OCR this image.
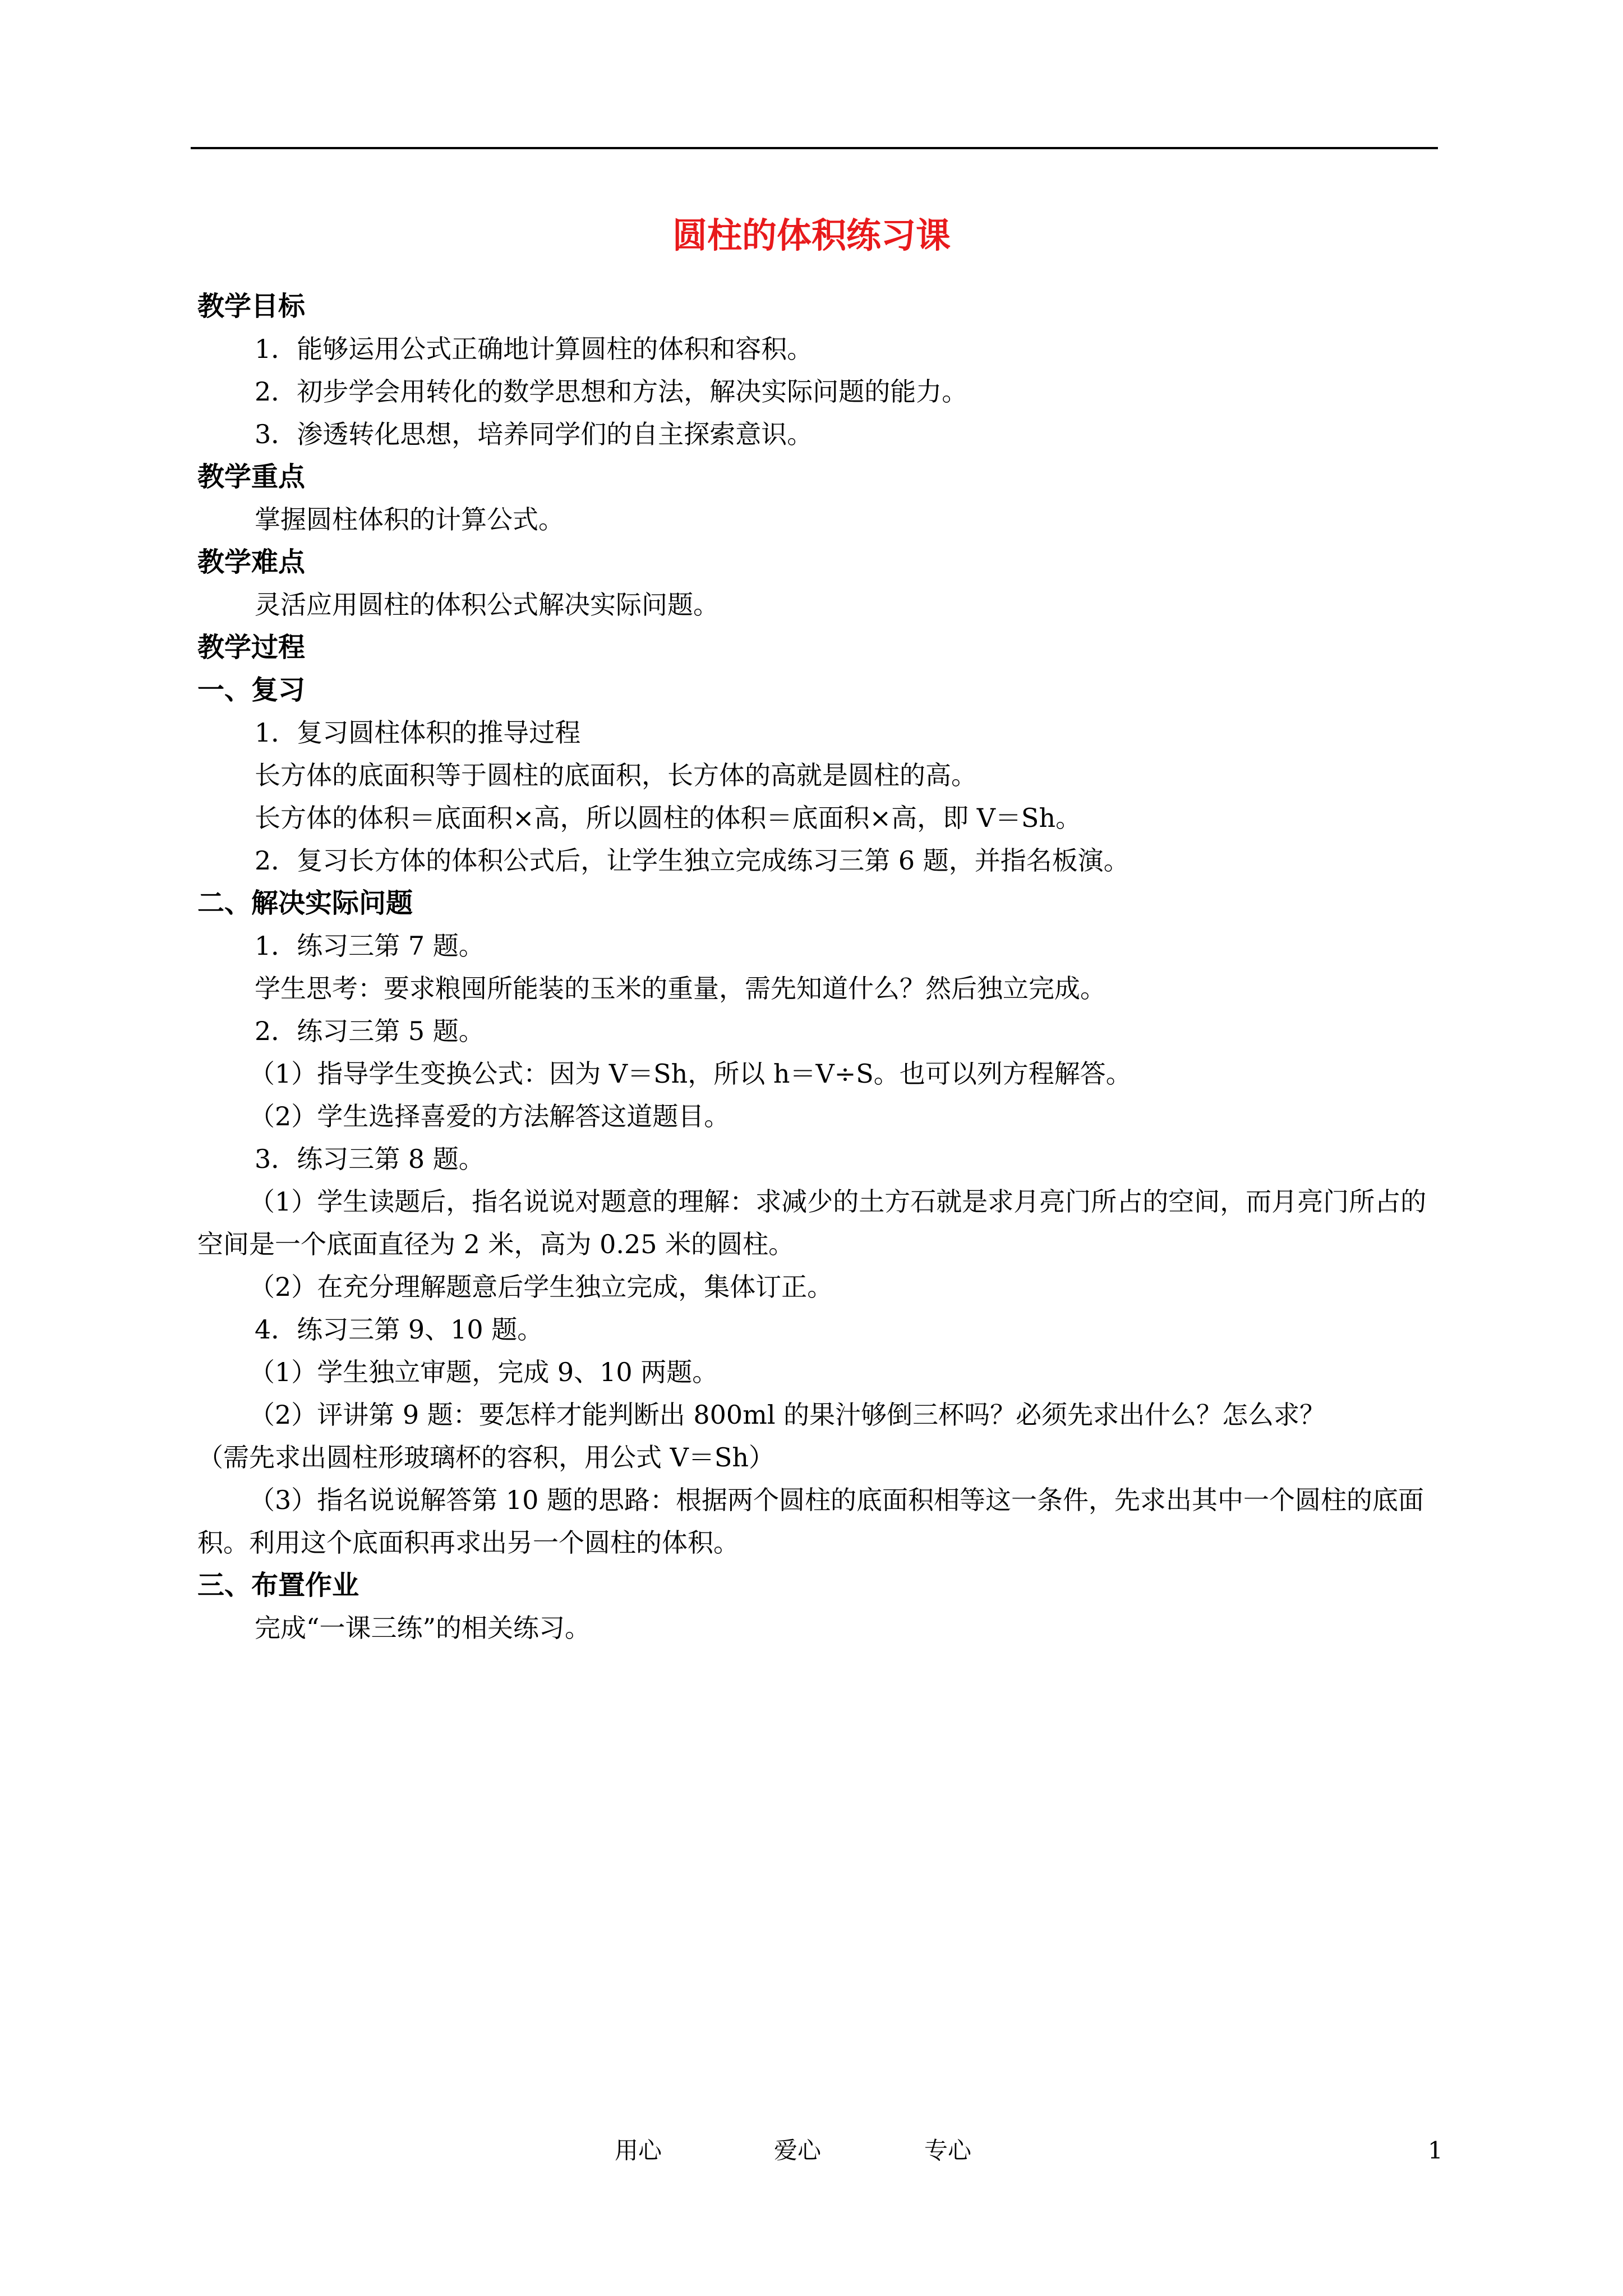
圆柱的体积练习课
教学目标
1．能够运用公式正确地计算圆柱的体积和容积。
2．初步学会用转化的数学思想和方法，解决实际问题的能力。
3．渗透转化思想，培养同学们的自主探索意识。
教学重点
掌握圆柱体积的计算公式。
教学难点
灵活应用圆柱的体积公式解决实际问题。
教学过程
一、复习
1．复习圆柱体积的推导过程
长方体的底面积等于圆柱的底面积，长方体的高就是圆柱的高。
长方体的体积＝底面积×高，所以圆柱的体积＝底面积×高，即 V＝Sh。
2．复习长方体的体积公式后，让学生独立完成练习三第 6 题，并指名板演。
二、解决实际问题
1．练习三第 7 题。
学生思考：要求粮囤所能装的玉米的重量，需先知道什么？然后独立完成。
2．练习三第 5 题。
（1）指导学生变换公式：因为 V＝Sh，所以 h＝V÷S。也可以列方程解答。
（2）学生选择喜爱的方法解答这道题目。
3．练习三第 8 题。
（1）学生读题后，指名说说对题意的理解：求减少的土方石就是求月亮门所占的空间，而月亮门所占的空间是一个底面直径为 2 米，高为 0.25 米的圆柱。
（2）在充分理解题意后学生独立完成，集体订正。
4．练习三第 9、10 题。
（1）学生独立审题，完成 9、10 两题。
（2）评讲第 9 题：要怎样才能判断出 800ml 的果汁够倒三杯吗？必须先求出什么？怎么求？
（需先求出圆柱形玻璃杯的容积，用公式 V＝Sh）
（3）指名说说解答第 10 题的思路：根据两个圆柱的底面积相等这一条件，先求出其中一个圆柱的底面积。利用这个底面积再求出另一个圆柱的体积。
三、布置作业
完成“一课三练”的相关练习。
用心	爱心	专心	1
